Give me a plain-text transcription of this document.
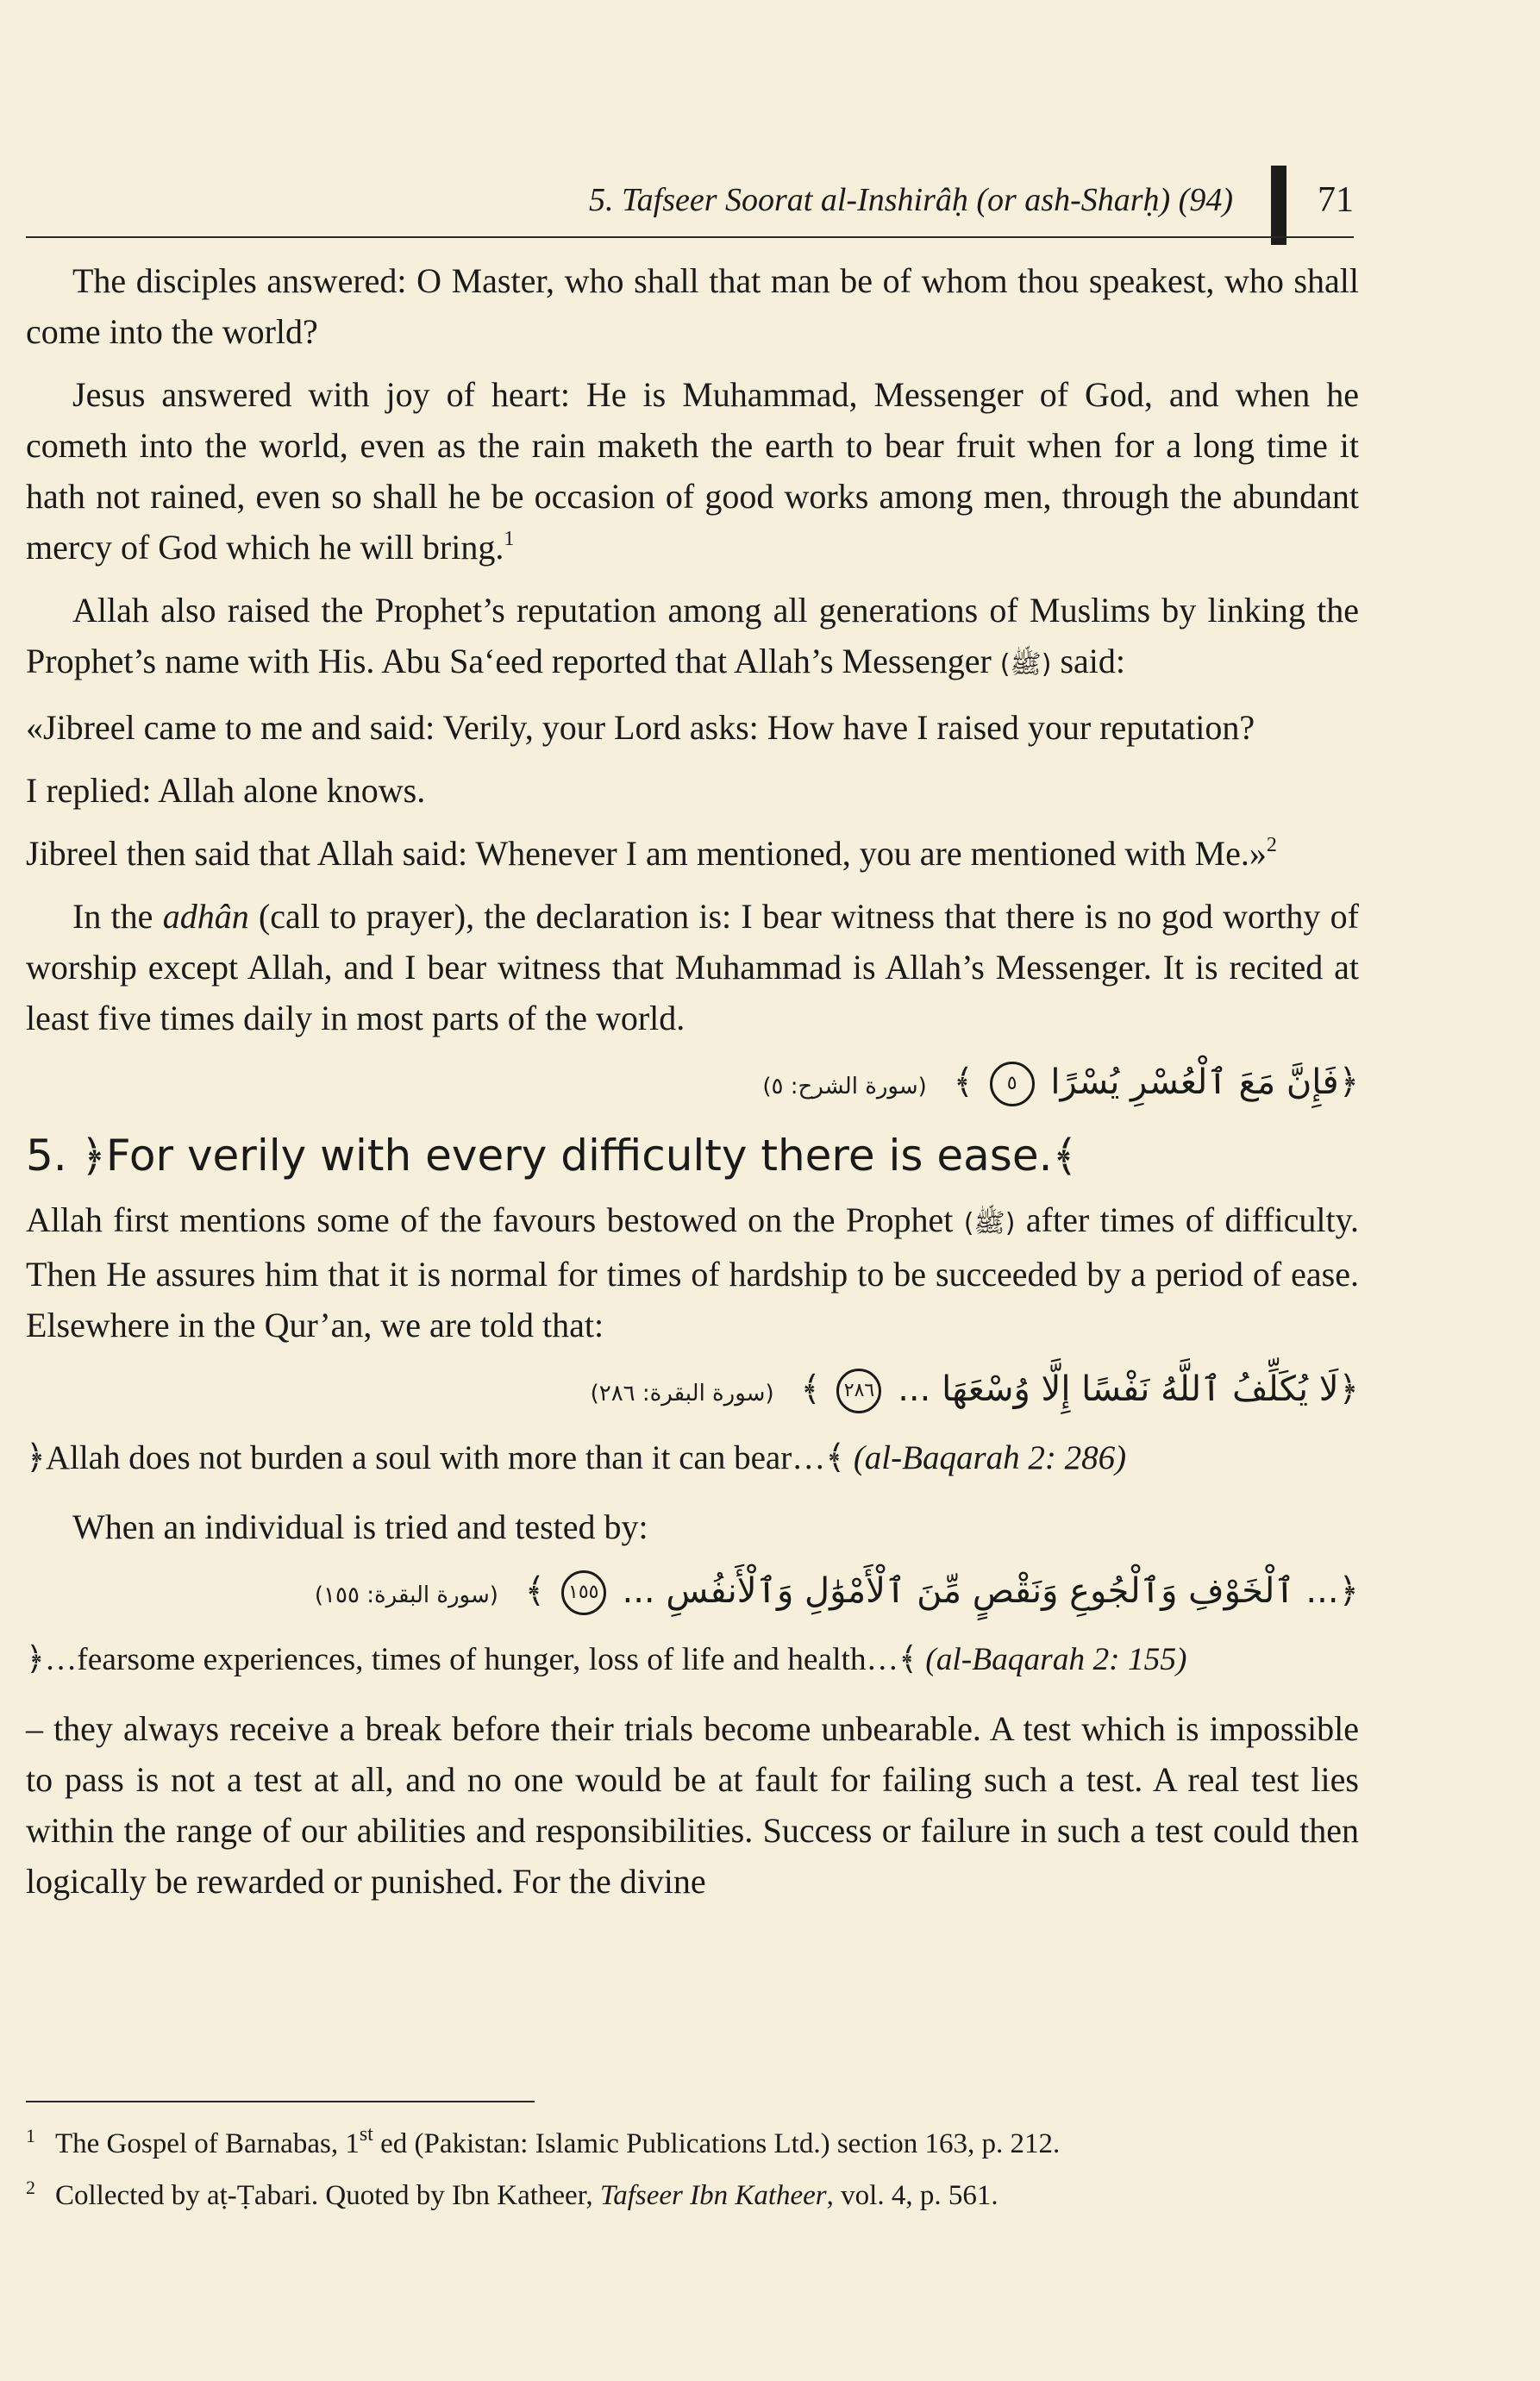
5. Tafseer Soorat al-Inshirâḥ (or ash-Sharḥ) (94) 71

The disciples answered: O Master, who shall that man be of whom thou speakest, who shall come into the world?

Jesus answered with joy of heart: He is Muhammad, Messenger of God, and when he cometh into the world, even as the rain maketh the earth to bear fruit when for a long time it hath not rained, even so shall he be occasion of good works among men, through the abundant mercy of God which he will bring.$^1$

Allah also raised the Prophet’s reputation among all generations of Muslims by linking the Prophet’s name with His. Abu Sa‘eed reported that Allah’s Messenger (ﷺ) said:

«Jibreel came to me and said: Verily, your Lord asks: How have I raised your reputation?

I replied: Allah alone knows.

Jibreel then said that Allah said: Whenever I am mentioned, you are mentioned with Me.»$^2$

In the adhân (call to prayer), the declaration is: I bear witness that there is no god worthy of worship except Allah, and I bear witness that Muhammad is Allah’s Messenger. It is recited at least five times daily in most parts of the world.

﴿فَإِنَّ مَعَ ٱلْعُسْرِ يُسْرًا ٥ ﴾ (سورة الشرح: ٥)
5. ﴿For verily with every difficulty there is ease.﴾

Allah first mentions some of the favours bestowed on the Prophet (ﷺ) after times of difficulty. Then He assures him that it is normal for times of hardship to be succeeded by a period of ease. Elsewhere in the Qur’an, we are told that:

﴿لَا يُكَلِّفُ ٱللَّهُ نَفْسًا إِلَّا وُسْعَهَا ... ٢٨٦ ﴾ (سورة البقرة: ٢٨٦)

﴿Allah does not burden a soul with more than it can bear…﴾ (al-Baqarah 2: 286)

When an individual is tried and tested by:

﴿... ٱلْخَوْفِ وَٱلْجُوعِ وَنَقْصٍ مِّنَ ٱلْأَمْوَٰلِ وَٱلْأَنفُسِ ... ١٥٥ ﴾ (سورة البقرة: ١٥٥)

﴿…fearsome experiences, times of hunger, loss of life and health…﴾ (al-Baqarah 2: 155)

– they always receive a break before their trials become unbearable. A test which is impossible to pass is not a test at all, and no one would be at fault for failing such a test. A real test lies within the range of our abilities and responsibilities. Success or failure in such a test could then logically be rewarded or punished. For the divine

1 The Gospel of Barnabas, 1st ed (Pakistan: Islamic Publications Ltd.) section 163, p. 212.

2 Collected by aṭ-Ṭabari. Quoted by Ibn Katheer, Tafseer Ibn Katheer, vol. 4, p. 561.
